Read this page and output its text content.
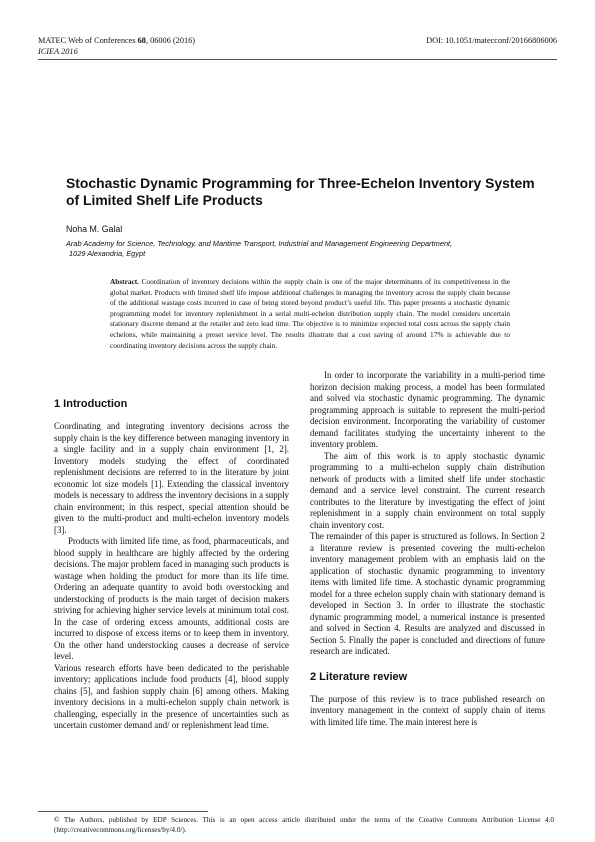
MATEC Web of Conferences 68, 06006 (2016)
ICIEA 2016
DOI: 10.1051/matecconf/20166806006
Stochastic Dynamic Programming for Three-Echelon Inventory System of Limited Shelf Life Products
Noha M. Galal
Arab Academy for Science, Technology, and Maritime Transport, Industrial and Management Engineering Department,
1029 Alexandria, Egypt
Abstract. Coordination of inventory decisions within the supply chain is one of the major determinants of its competitiveness in the global market. Products with limited shelf life impose additional challenges in managing the inventory across the supply chain because of the additional wastage costs incurred in case of being stored beyond product’s useful life. This paper presents a stochastic dynamic programming model for inventory replenishment in a serial multi-echelon distribution supply chain. The model considers uncertain stationary discrete demand at the retailer and zero lead time. The objective is to minimize expected total costs across the supply chain echelons, while maintaining a preset service level. The results illustrate that a cost saving of around 17% is achievable due to coordinating inventory decisions across the supply chain.
1 Introduction

Coordinating and integrating inventory decisions across the supply chain is the key difference between managing inventory in a single facility and in a supply chain environment [1, 2]. Inventory models studying the effect of coordinated replenishment decisions are referred to in the literature by joint economic lot size models [1]. Extending the classical inventory models is necessary to address the inventory decisions in a supply chain environment; in this respect, special attention should be given to the multi-product and multi-echelon inventory models [3].

Products with limited life time, as food, pharmaceuticals, and blood supply in healthcare are highly affected by the ordering decisions. The major problem faced in managing such products is wastage when holding the product for more than its life time. Ordering an adequate quantity to avoid both overstocking and understocking of products is the main target of decision makers striving for achieving higher service levels at minimum total cost. In the case of ordering excess amounts, additional costs are incurred to dispose of excess items or to keep them in inventory. On the other hand understocking causes a decrease of service level.

Various research efforts have been dedicated to the perishable inventory; applications include food products [4], blood supply chains [5], and fashion supply chain [6] among others. Making inventory decisions in a multi-echelon supply chain network is challenging, especially in the presence of uncertainties such as uncertain customer demand and/ or replenishment lead time.

In order to incorporate the variability in a multi-period time horizon decision making process, a model has been formulated and solved via stochastic dynamic programming. The dynamic programming approach is suitable to represent the multi-period decision environment. Incorporating the variability of customer demand facilitates studying the uncertainty inherent to the inventory problem.

The aim of this work is to apply stochastic dynamic programming to a multi-echelon supply chain distribution network of products with a limited shelf life under stochastic demand and a service level constraint. The current research contributes to the literature by investigating the effect of joint replenishment in a supply chain environment on total supply chain inventory cost.

The remainder of this paper is structured as follows. In Section 2 a literature review is presented covering the multi-echelon inventory management problem with an emphasis laid on the application of stochastic dynamic programming to inventory items with limited life time. A stochastic dynamic programming model for a three echelon supply chain with stationary demand is developed in Section 3. In order to illustrate the stochastic dynamic programming model, a numerical instance is presented and solved in Section 4. Results are analyzed and discussed in Section 5. Finally the paper is concluded and directions of future research are indicated.

2 Literature review

The purpose of this review is to trace published research on inventory management in the context of supply chain of items with limited life time. The main interest here is

© The Authors, published by EDP Sciences. This is an open access article distributed under the terms of the Creative Commons Attribution License 4.0 (http://creativecommons.org/licenses/by/4.0/).
